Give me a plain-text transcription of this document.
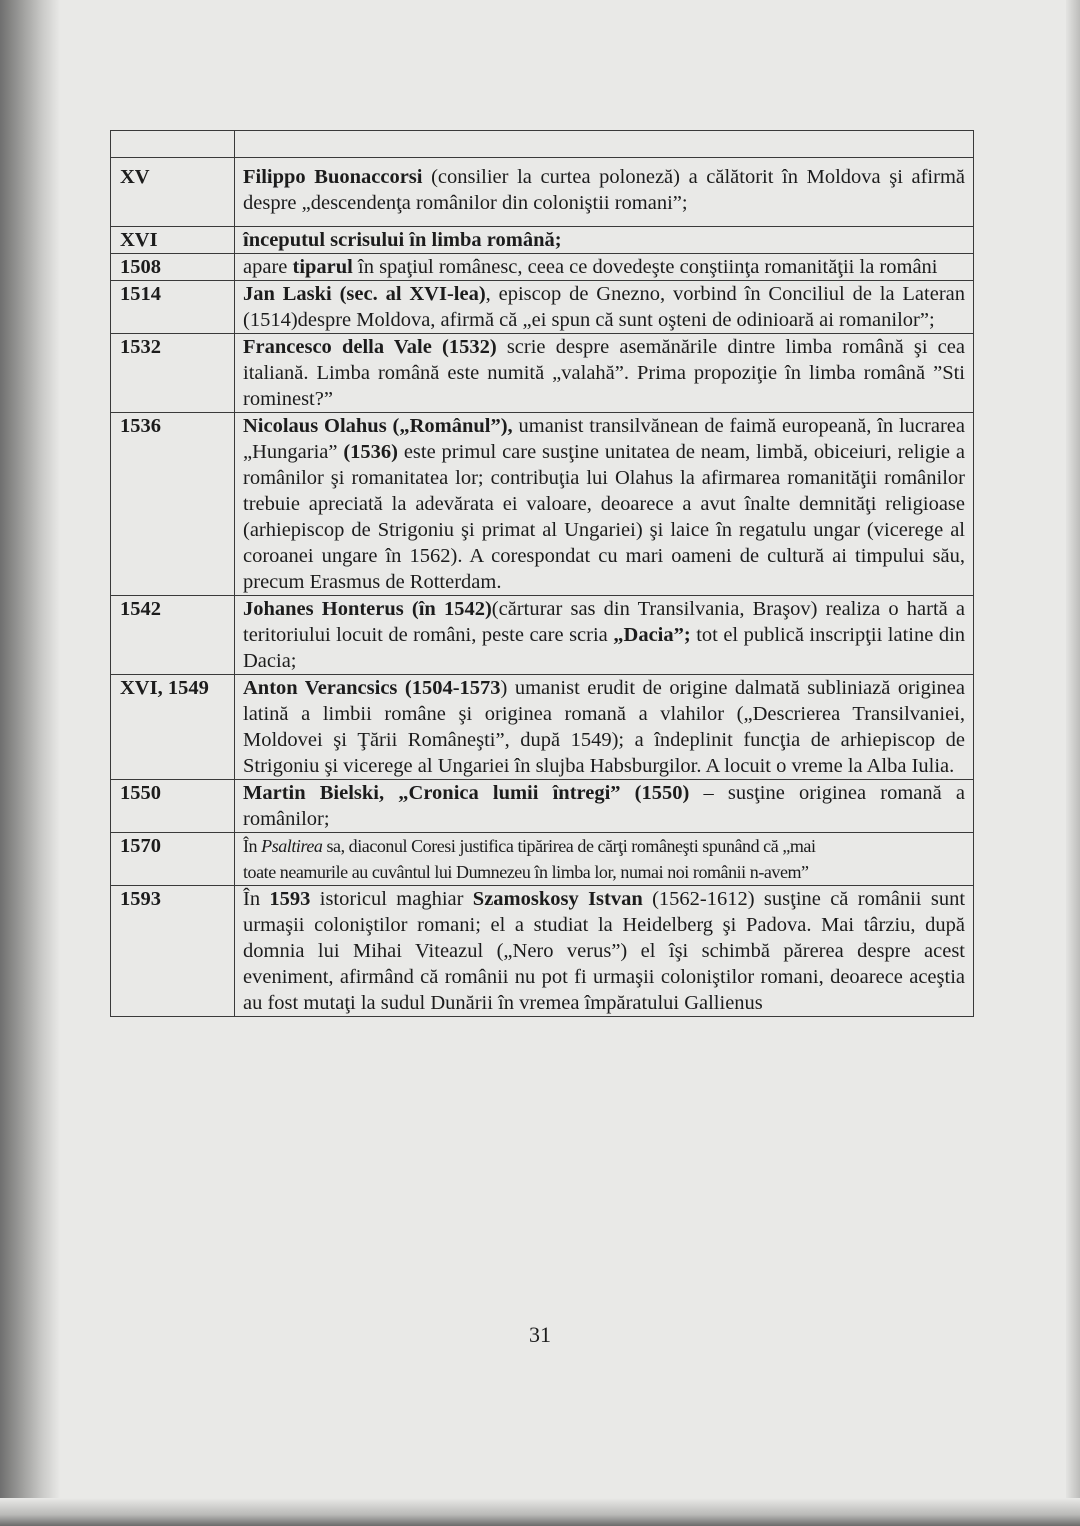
XV	Filippo Buonaccorsi (consilier la curtea poloneză) a călătorit în Moldova şi afirmă despre „descendenţa românilor din coloniştii romani”;
XVI	începutul scrisului în limba română;
1508	apare tiparul în spaţiul românesc, ceea ce dovedeşte conştiinţa romanităţii la români
1514	Jan Laski (sec. al XVI-lea), episcop de Gnezno, vorbind în Conciliul de la Lateran (1514)despre Moldova, afirmă că „ei spun că sunt oşteni de odinioară ai romanilor”;
1532	Francesco della Vale (1532) scrie despre asemănările dintre limba română şi cea italiană. Limba română este numită „valahă”. Prima propoziţie în limba română ”Sti rominest?”
1536	Nicolaus Olahus („Românul”), umanist transilvănean de faimă europeană, în lucrarea „Hungaria” (1536) este primul care susţine unitatea de neam, limbă, obiceiuri, religie a românilor şi romanitatea lor; contribuţia lui Olahus la afirmarea romanităţii românilor trebuie apreciată la adevărata ei valoare, deoarece a avut înalte demnităţi religioase (arhiepiscop de Strigoniu şi primat al Ungariei) şi laice în regatulu ungar (vicerege al coroanei ungare în 1562). A corespondat cu mari oameni de cultură ai timpului său, precum Erasmus de Rotterdam.
1542	Johanes Honterus (în 1542)(cărturar sas din Transilvania, Braşov) realiza o hartă a teritoriului locuit de români, peste care scria „Dacia”; tot el publică inscripţii latine din Dacia;
XVI, 1549	Anton Verancsics (1504-1573) umanist erudit de origine dalmată subliniază originea latină a limbii române şi originea romană a vlahilor („Descrierea Transilvaniei, Moldovei şi Ţării Româneşti”, după 1549); a îndeplinit funcţia de arhiepiscop de Strigoniu şi vicerege al Ungariei în slujba Habsburgilor. A locuit o vreme la Alba Iulia.
1550	Martin Bielski, „Cronica lumii întregi” (1550) – susţine originea romană a românilor;
1570	În Psaltirea sa, diaconul Coresi justifica tipărirea de cărţi româneşti spunând că „mai
toate neamurile au cuvântul lui Dumnezeu în limba lor, numai noi românii n-avem”

1593	În 1593 istoricul maghiar Szamoskosy Istvan (1562-1612) susţine că românii sunt urmaşii coloniştilor romani; el a studiat la Heidelberg şi Padova. Mai târziu, după domnia lui Mihai Viteazul („Nero verus”) el îşi schimbă părerea despre acest eveniment, afirmând că românii nu pot fi urmaşii coloniştilor romani, deoarece aceştia au fost mutaţi la sudul Dunării în vremea împăratului Gallienus
31
